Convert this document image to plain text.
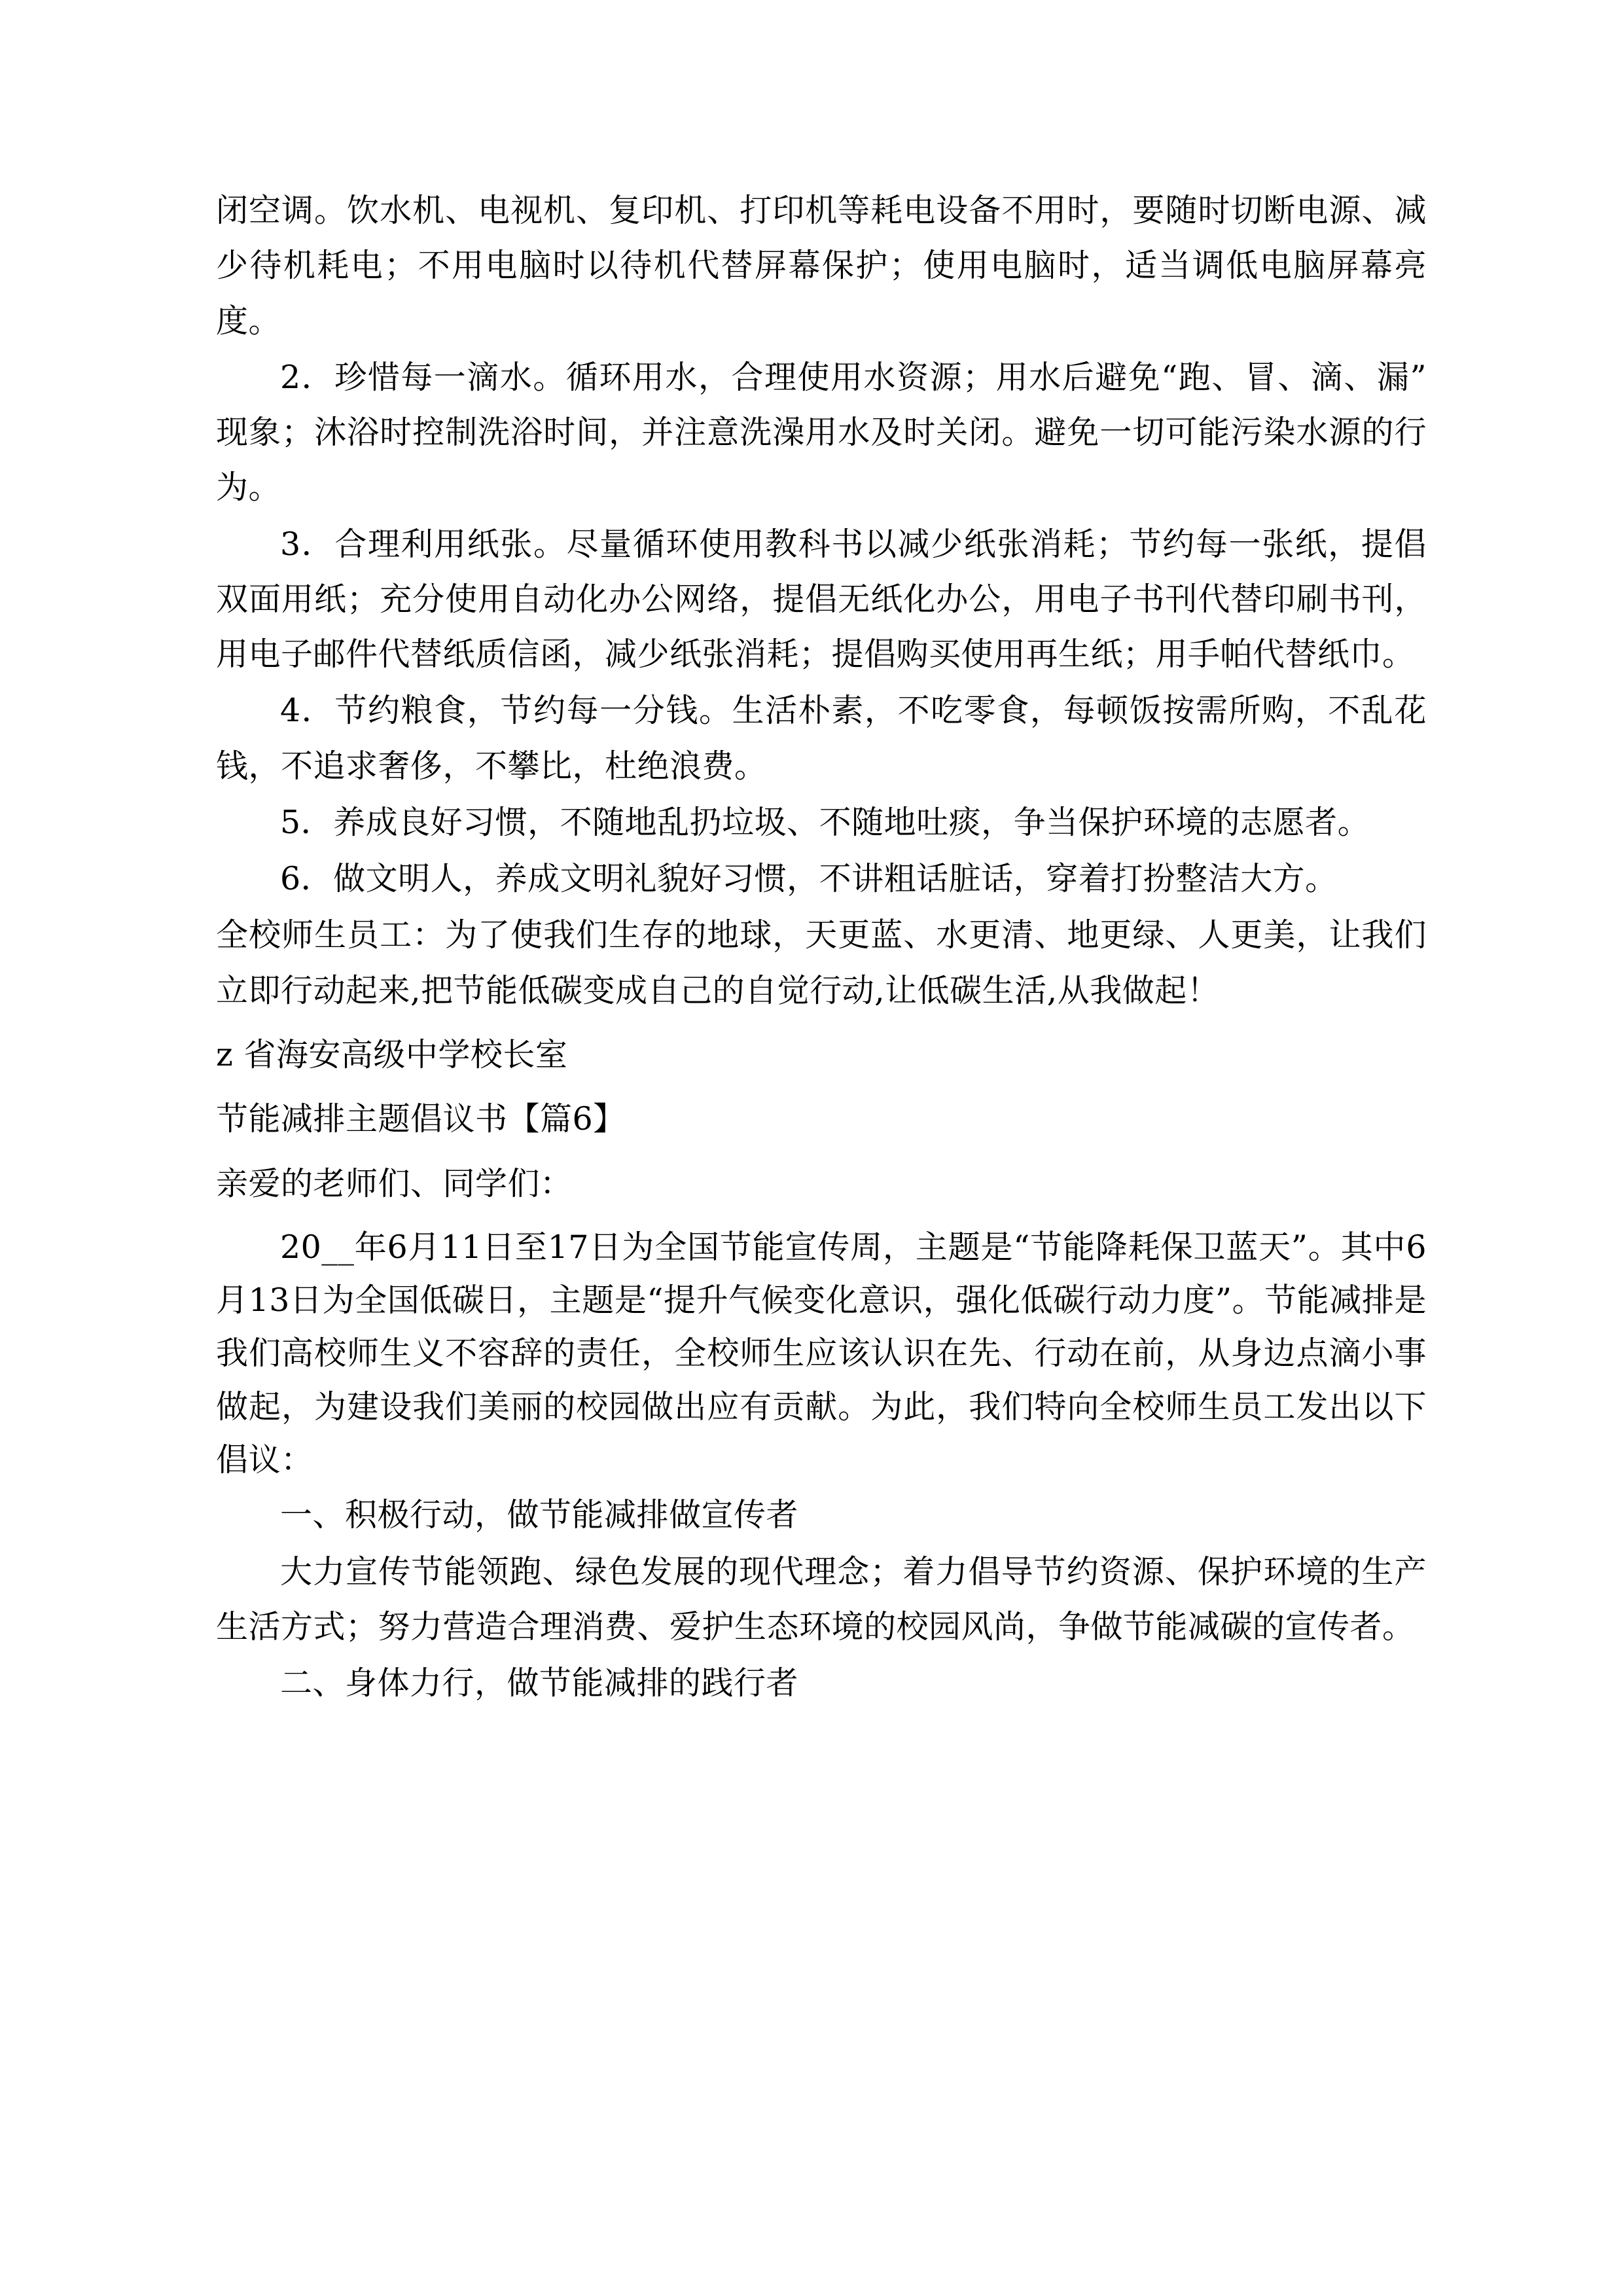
闭空调。饮水机、电视机、复印机、打印机等耗电设备不用时，要随时切断电源、减少待机耗电；不用电脑时以待机代替屏幕保护；使用电脑时，适当调低电脑屏幕亮度。

2．珍惜每一滴水。循环用水，合理使用水资源；用水后避免“跑、冒、滴、漏”现象；沐浴时控制洗浴时间，并注意洗澡用水及时关闭。避免一切可能污染水源的行为。

3．合理利用纸张。尽量循环使用教科书以减少纸张消耗；节约每一张纸，提倡双面用纸；充分使用自动化办公网络，提倡无纸化办公，用电子书刊代替印刷书刊，用电子邮件代替纸质信函，减少纸张消耗；提倡购买使用再生纸；用手帕代替纸巾。

4．节约粮食，节约每一分钱。生活朴素，不吃零食，每顿饭按需所购，不乱花钱，不追求奢侈，不攀比，杜绝浪费。

5．养成良好习惯，不随地乱扔垃圾、不随地吐痰，争当保护环境的志愿者。

6．做文明人，养成文明礼貌好习惯，不讲粗话脏话，穿着打扮整洁大方。

全校师生员工：为了使我们生存的地球，天更蓝、水更清、地更绿、人更美，让我们立即行动起来,把节能低碳变成自己的自觉行动,让低碳生活,从我做起！

z 省海安高级中学校长室

节能减排主题倡议书【篇6】

亲爱的老师们、同学们：

20__年6月11日至17日为全国节能宣传周，主题是“节能降耗保卫蓝天”。其中6月13日为全国低碳日，主题是“提升气候变化意识，强化低碳行动力度”。节能减排是我们高校师生义不容辞的责任，全校师生应该认识在先、行动在前，从身边点滴小事做起，为建设我们美丽的校园做出应有贡献。为此，我们特向全校师生员工发出以下倡议：

一、积极行动，做节能减排做宣传者

大力宣传节能领跑、绿色发展的现代理念；着力倡导节约资源、保护环境的生产生活方式；努力营造合理消费、爱护生态环境的校园风尚，争做节能减碳的宣传者。

二、身体力行，做节能减排的践行者
